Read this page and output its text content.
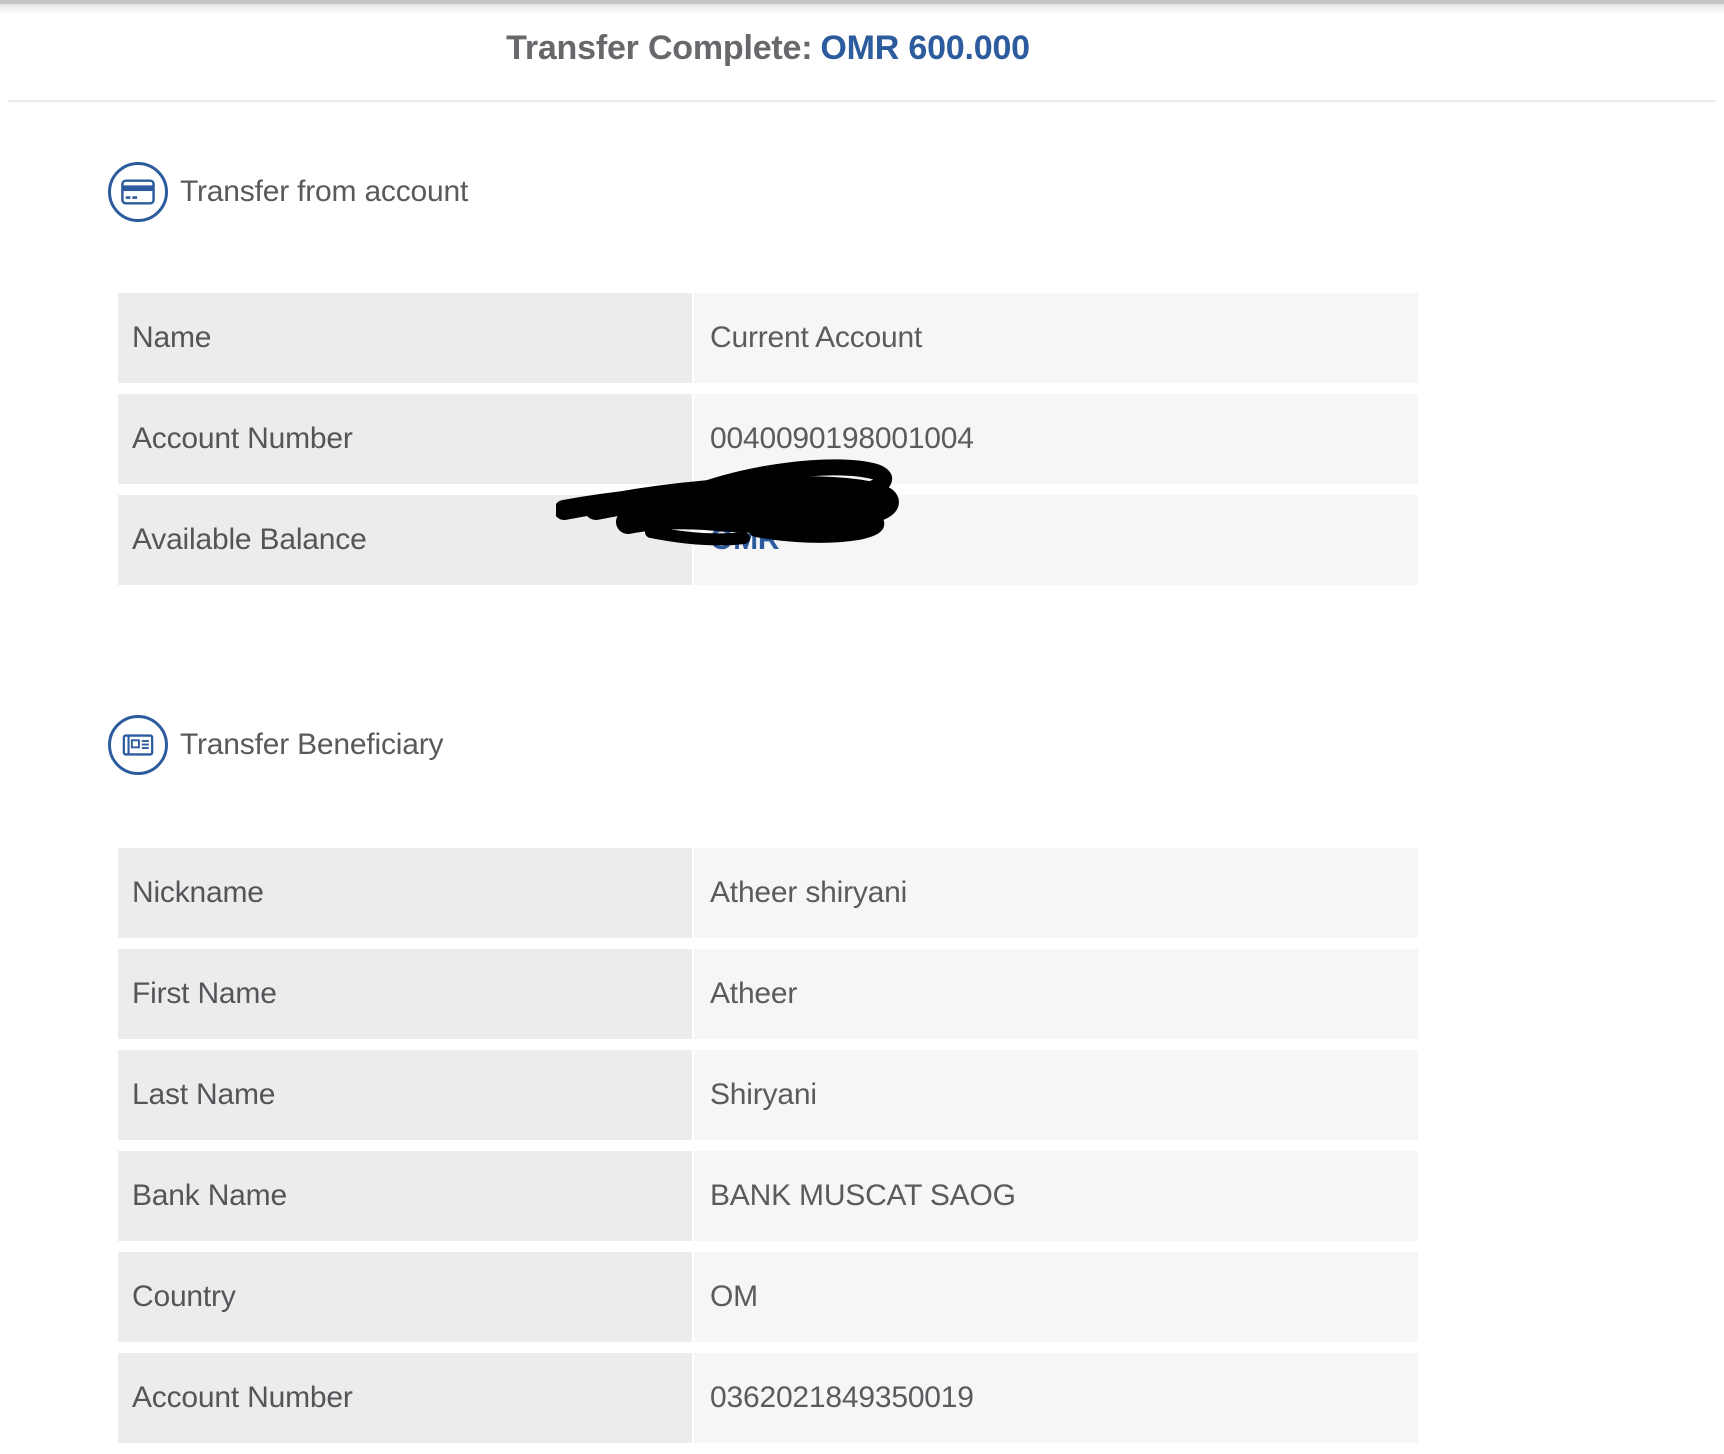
Transfer Complete: OMR 600.000
Transfer from account
Name	Current Account
Account Number	0040090198001004
Available Balance	OMR
Transfer Beneficiary
Nickname	Atheer shiryani
First Name	Atheer
Last Name	Shiryani
Bank Name	BANK MUSCAT SAOG
Country	OM
Account Number	0362021849350019
